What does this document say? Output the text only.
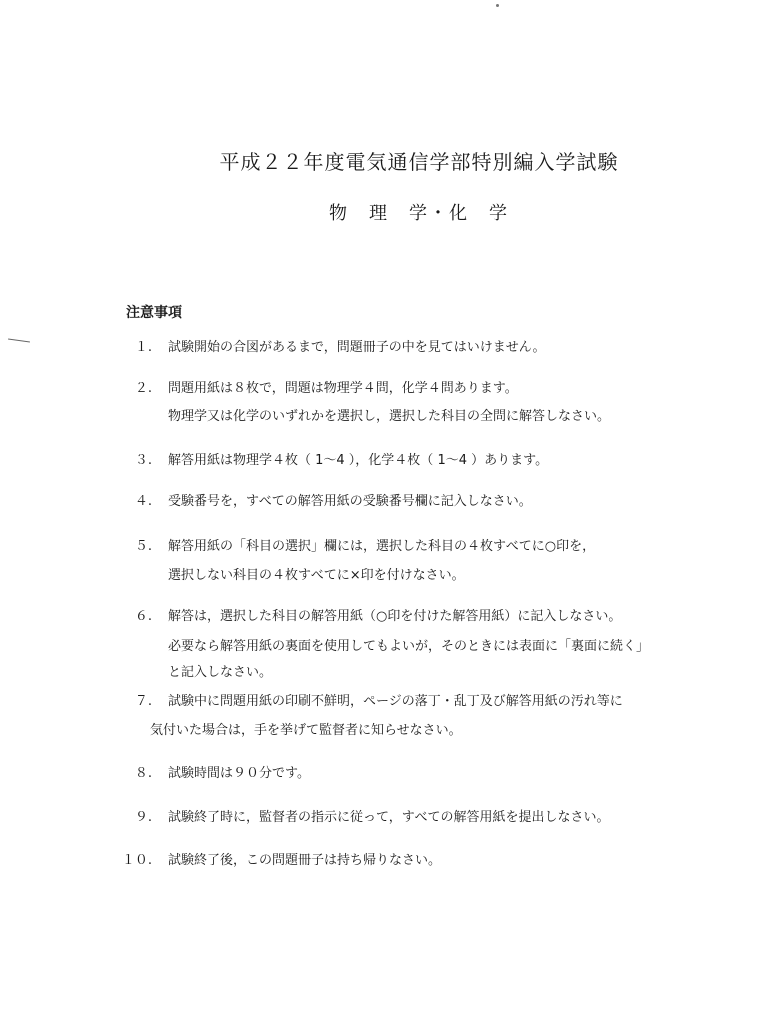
平成２２年度電気通信学部特別編入学試験
物　理　学・化　学
注意事項
１. 試験開始の合図があるまで，問題冊子の中を見てはいけません。
２. 問題用紙は８枚で，問題は物理学４問，化学４問あります。
物理学又は化学のいずれかを選択し，選択した科目の全問に解答しなさい。
３. 解答用紙は物理学４枚（ 1〜4 ），化学４枚（ 1〜4 ）あります。
４. 受験番号を，すべての解答用紙の受験番号欄に記入しなさい。
５. 解答用紙の「科目の選択」欄には，選択した科目の４枚すべてに○印を，
選択しない科目の４枚すべてに×印を付けなさい。
６. 解答は，選択した科目の解答用紙（○印を付けた解答用紙）に記入しなさい。
必要なら解答用紙の裏面を使用してもよいが，そのときには表面に「裏面に続く」
と記入しなさい。
７. 試験中に問題用紙の印刷不鮮明，ページの落丁・乱丁及び解答用紙の汚れ等に
気付いた場合は，手を挙げて監督者に知らせなさい。
８. 試験時間は９０分です。
９. 試験終了時に，監督者の指示に従って，すべての解答用紙を提出しなさい。
１０. 試験終了後，この問題冊子は持ち帰りなさい。
